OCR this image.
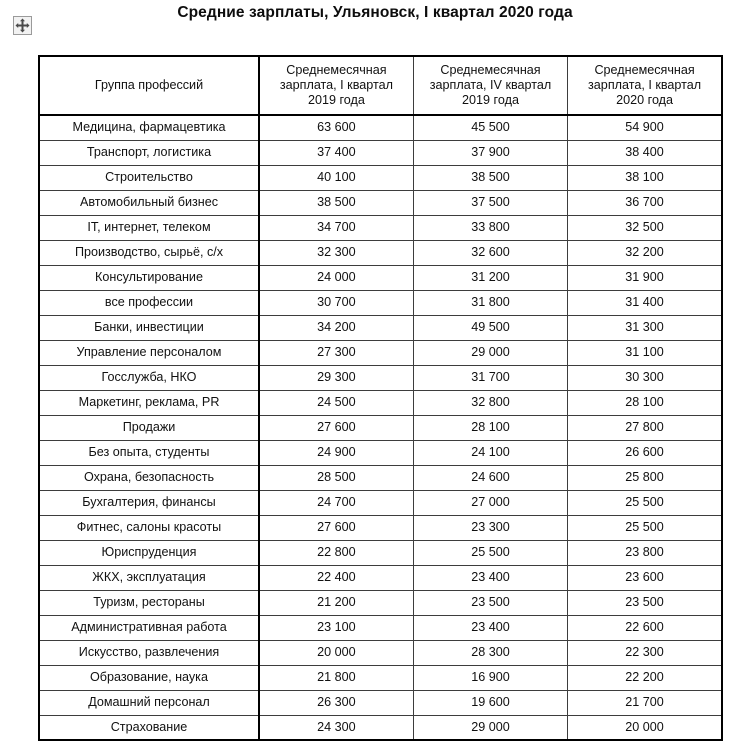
Средние зарплаты, Ульяновск, I квартал 2020 года
Группа профессий	Среднемесячная
зарплата, I квартал
2019 года	Среднемесячная
зарплата, IV квартал
2019 года	Среднемесячная
зарплата, I квартал
2020 года
Медицина, фармацевтика	63 600	45 500	54 900
Транспорт, логистика	37 400	37 900	38 400
Строительство	40 100	38 500	38 100
Автомобильный бизнес	38 500	37 500	36 700
IT, интернет, телеком	34 700	33 800	32 500
Производство, сырьё, с/х	32 300	32 600	32 200
Консультирование	24 000	31 200	31 900
все профессии	30 700	31 800	31 400
Банки, инвестиции	34 200	49 500	31 300
Управление персоналом	27 300	29 000	31 100
Госслужба, НКО	29 300	31 700	30 300
Маркетинг, реклама, PR	24 500	32 800	28 100
Продажи	27 600	28 100	27 800
Без опыта, студенты	24 900	24 100	26 600
Охрана, безопасность	28 500	24 600	25 800
Бухгалтерия, финансы	24 700	27 000	25 500
Фитнес, салоны красоты	27 600	23 300	25 500
Юриспруденция	22 800	25 500	23 800
ЖКХ, эксплуатация	22 400	23 400	23 600
Туризм, рестораны	21 200	23 500	23 500
Административная работа	23 100	23 400	22 600
Искусство, развлечения	20 000	28 300	22 300
Образование, наука	21 800	16 900	22 200
Домашний персонал	26 300	19 600	21 700
Страхование	24 300	29 000	20 000
